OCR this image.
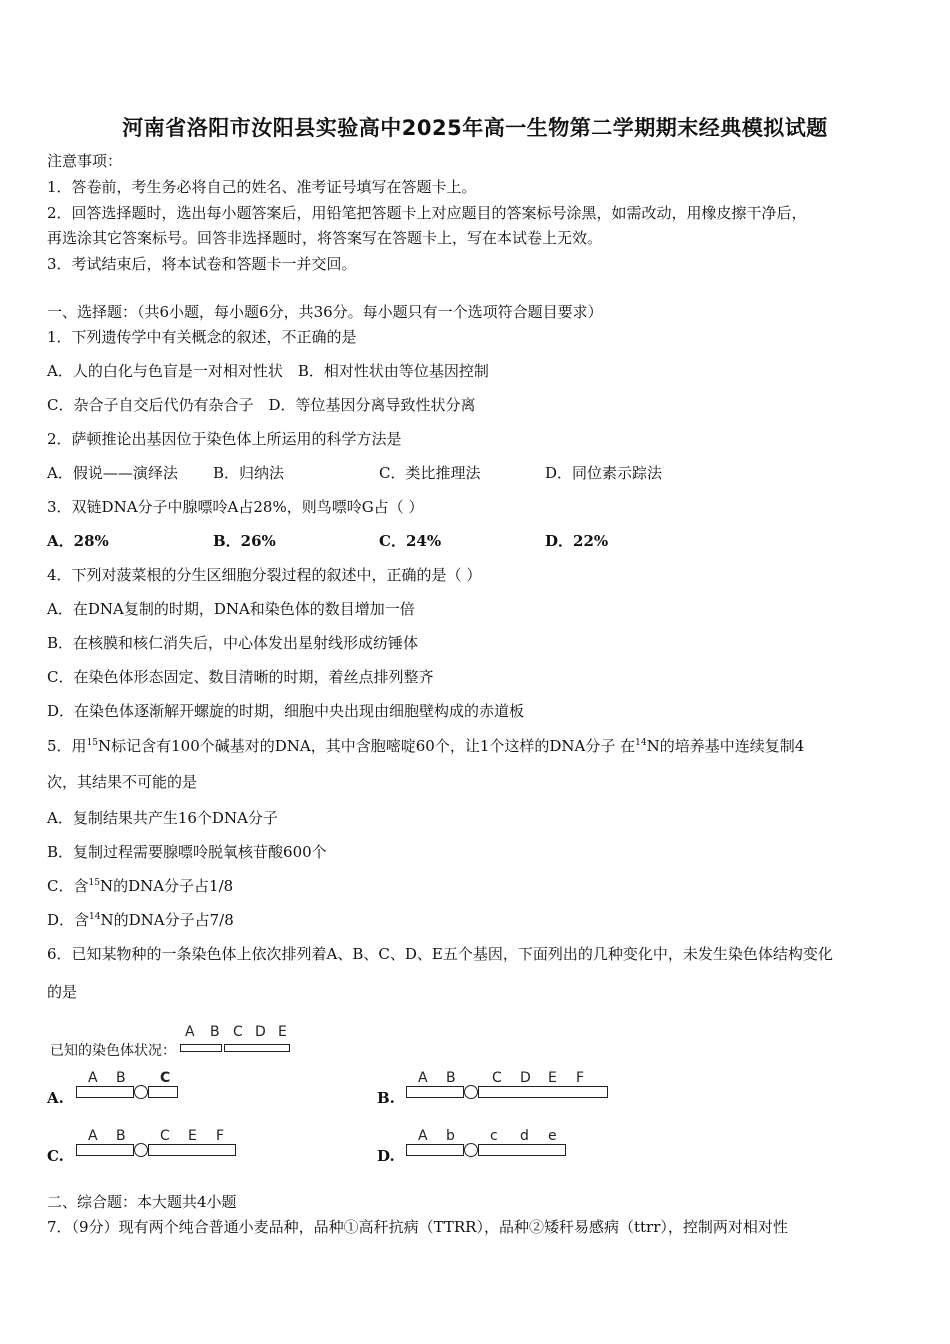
河南省洛阳市汝阳县实验高中2025年高一生物第二学期期末经典模拟试题
注意事项：
1．答卷前，考生务必将自己的姓名、准考证号填写在答题卡上。
2．回答选择题时，选出每小题答案后，用铅笔把答题卡上对应题目的答案标号涂黑，如需改动，用橡皮擦干净后，
再选涂其它答案标号。回答非选择题时，将答案写在答题卡上，写在本试卷上无效。
3．考试结束后，将本试卷和答题卡一并交回。
一、选择题：（共6小题，每小题6分，共36分。每小题只有一个选项符合题目要求）
1．下列遗传学中有关概念的叙述，不正确的是
A．人的白化与色盲是一对相对性状　B．相对性状由等位基因控制
C．杂合子自交后代仍有杂合子　D．等位基因分离导致性状分离
2．萨顿推论出基因位于染色体上所运用的科学方法是
A．假说——演绎法 B．归纳法	C．类比推理法	D．同位素示踪法
3．双链DNA分子中腺嘌呤A占28%，则鸟嘌呤G占（ ）
A．28%	B．26%	C．24%	D．22%
4．下列对菠菜根的分生区细胞分裂过程的叙述中，正确的是（ ）
A．在DNA复制的时期，DNA和染色体的数目增加一倍
B．在核膜和核仁消失后，中心体发出星射线形成纺锤体
C．在染色体形态固定、数目清晰的时期，着丝点排列整齐
D．在染色体逐渐解开螺旋的时期，细胞中央出现由细胞壁构成的赤道板
5．用$^{15}$N标记含有100个碱基对的DNA，其中含胞嘧啶60个，让1个这样的DNA分子 在$^{14}$N的培养基中连续复制4
次，其结果不可能的是
A．复制结果共产生16个DNA分子
B．复制过程需要腺嘌呤脱氧核苷酸600个
C．含$^{15}$N的DNA分子占1/8
D．含$^{14}$N的DNA分子占7/8
6．已知某物种的一条染色体上依次排列着A、B、C、D、E五个基因，下面列出的几种变化中，未发生染色体结构变化
的是
已知的染色体状况：
A B C D E
A.
A B C
B.
A B	C D E F
C.
A B C E F
D.
A b	c d e
二、综合题：本大题共4小题
7．（9分）现有两个纯合普通小麦品种，品种①高秆抗病（TTRR），品种②矮秆易感病（ttrr），控制两对相对性
